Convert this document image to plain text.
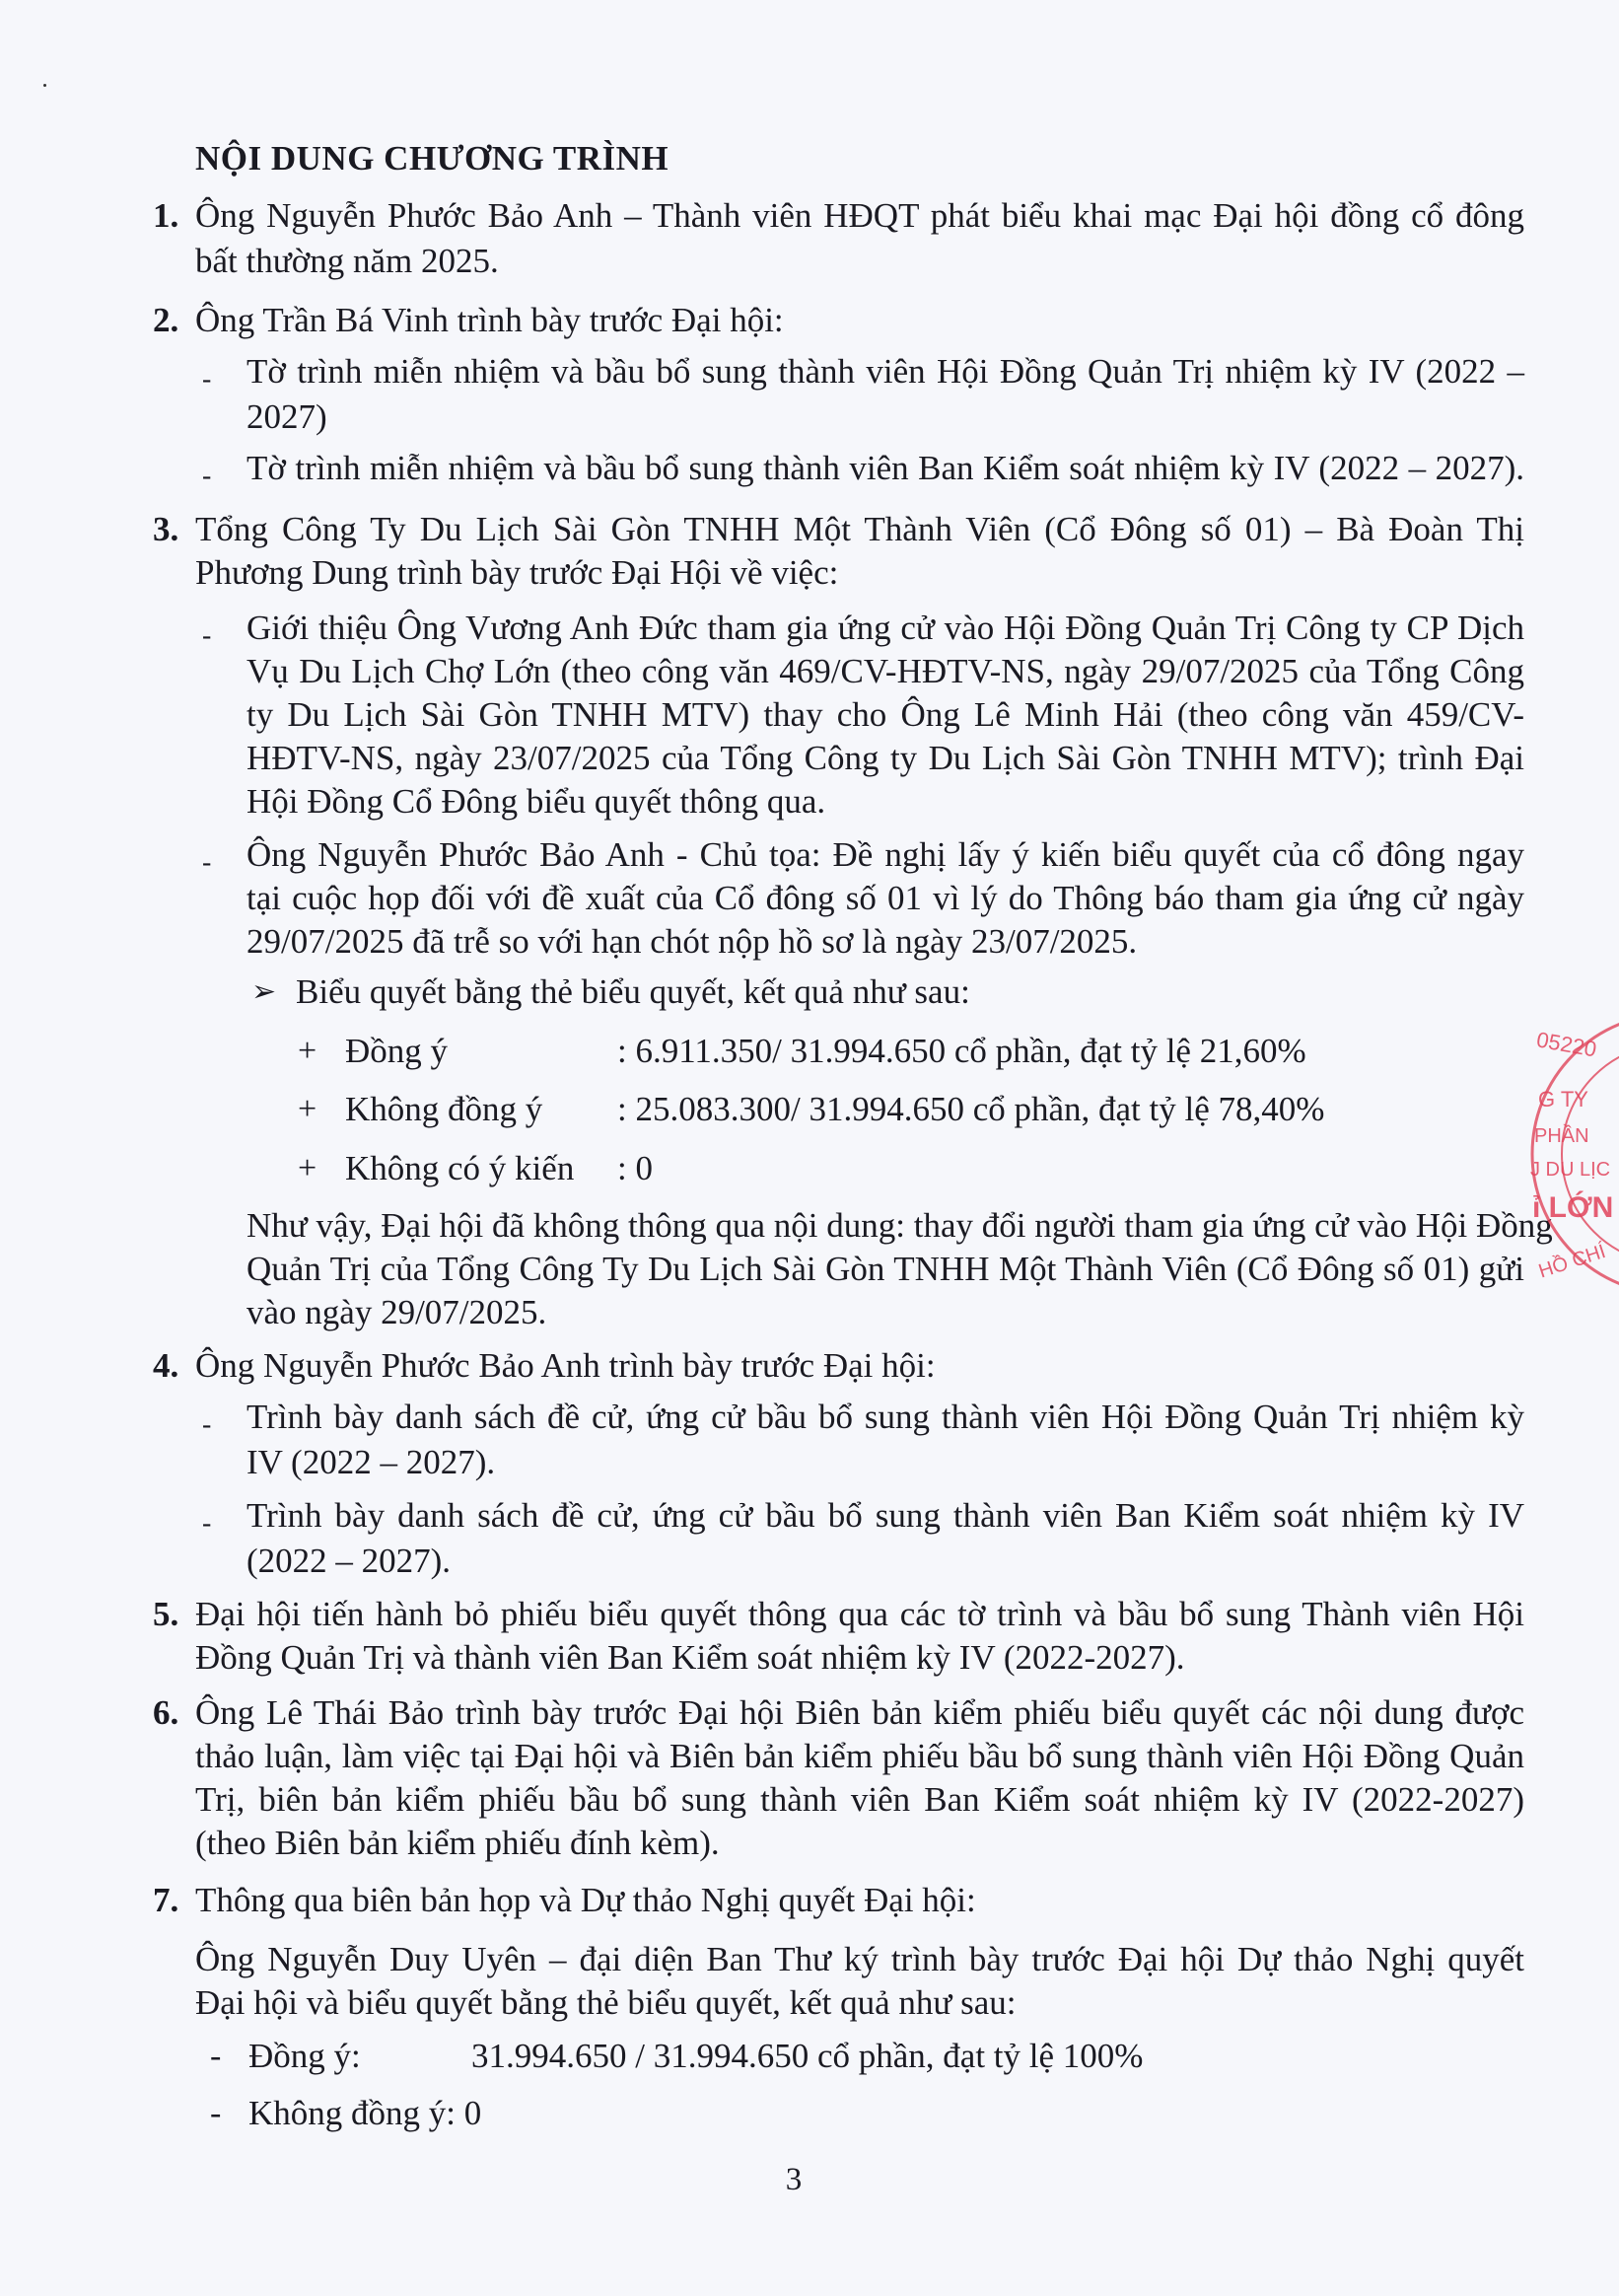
NỘI DUNG CHƯƠNG TRÌNH
1. Ông Nguyễn Phước Bảo Anh – Thành viên HĐQT phát biểu khai mạc Đại hội đồng cổ đông
bất thường năm 2025.
2. Ông Trần Bá Vinh trình bày trước Đại hội:
- Tờ trình miễn nhiệm và bầu bổ sung thành viên Hội Đồng Quản Trị nhiệm kỳ IV (2022 –
2027)
- Tờ trình miễn nhiệm và bầu bổ sung thành viên Ban Kiểm soát nhiệm kỳ IV (2022 – 2027).
3. Tổng Công Ty Du Lịch Sài Gòn TNHH Một Thành Viên (Cổ Đông số 01) – Bà Đoàn Thị
Phương Dung trình bày trước Đại Hội về việc:
- Giới thiệu Ông Vương Anh Đức tham gia ứng cử vào Hội Đồng Quản Trị Công ty CP Dịch
Vụ Du Lịch Chợ Lớn (theo công văn 469/CV-HĐTV-NS, ngày 29/07/2025 của Tổng Công
ty Du Lịch Sài Gòn TNHH MTV) thay cho Ông Lê Minh Hải (theo công văn 459/CV-
HĐTV-NS, ngày 23/07/2025 của Tổng Công ty Du Lịch Sài Gòn TNHH MTV); trình Đại
Hội Đồng Cổ Đông biểu quyết thông qua.
- Ông Nguyễn Phước Bảo Anh - Chủ tọa: Đề nghị lấy ý kiến biểu quyết của cổ đông ngay
tại cuộc họp đối với đề xuất của Cổ đông số 01 vì lý do Thông báo tham gia ứng cử ngày
29/07/2025 đã trễ so với hạn chót nộp hồ sơ là ngày 23/07/2025.
➢ Biểu quyết bằng thẻ biểu quyết, kết quả như sau:
+ Đồng ý	: 6.911.350/ 31.994.650 cổ phần, đạt tỷ lệ 21,60%
+ Không đồng ý : 25.083.300/ 31.994.650 cổ phần, đạt tỷ lệ 78,40%
+ Không có ý kiến : 0
Như vậy, Đại hội đã không thông qua nội dung: thay đổi người tham gia ứng cử vào Hội Đồng
Quản Trị của Tổng Công Ty Du Lịch Sài Gòn TNHH Một Thành Viên (Cổ Đông số 01) gửi
vào ngày 29/07/2025.
4. Ông Nguyễn Phước Bảo Anh trình bày trước Đại hội:
- Trình bày danh sách đề cử, ứng cử bầu bổ sung thành viên Hội Đồng Quản Trị nhiệm kỳ
IV (2022 – 2027).
- Trình bày danh sách đề cử, ứng cử bầu bổ sung thành viên Ban Kiểm soát nhiệm kỳ IV
(2022 – 2027).
5. Đại hội tiến hành bỏ phiếu biểu quyết thông qua các tờ trình và bầu bổ sung Thành viên Hội
Đồng Quản Trị và thành viên Ban Kiểm soát nhiệm kỳ IV (2022-2027).
6. Ông Lê Thái Bảo trình bày trước Đại hội Biên bản kiểm phiếu biểu quyết các nội dung được
thảo luận, làm việc tại Đại hội và Biên bản kiểm phiếu bầu bổ sung thành viên Hội Đồng Quản
Trị, biên bản kiểm phiếu bầu bổ sung thành viên Ban Kiểm soát nhiệm kỳ IV (2022-2027)
(theo Biên bản kiểm phiếu đính kèm).
7. Thông qua biên bản họp và Dự thảo Nghị quyết Đại hội:
Ông Nguyễn Duy Uyên – đại diện Ban Thư ký trình bày trước Đại hội Dự thảo Nghị quyết
Đại hội và biểu quyết bằng thẻ biểu quyết, kết quả như sau:
- Đồng ý:	31.994.650 / 31.994.650 cổ phần, đạt tỷ lệ 100%
- Không đồng ý: 0
3
05220
G TY
PHẦN
J DU LỊC
ỉ LỚN
HỒ CHÍ
